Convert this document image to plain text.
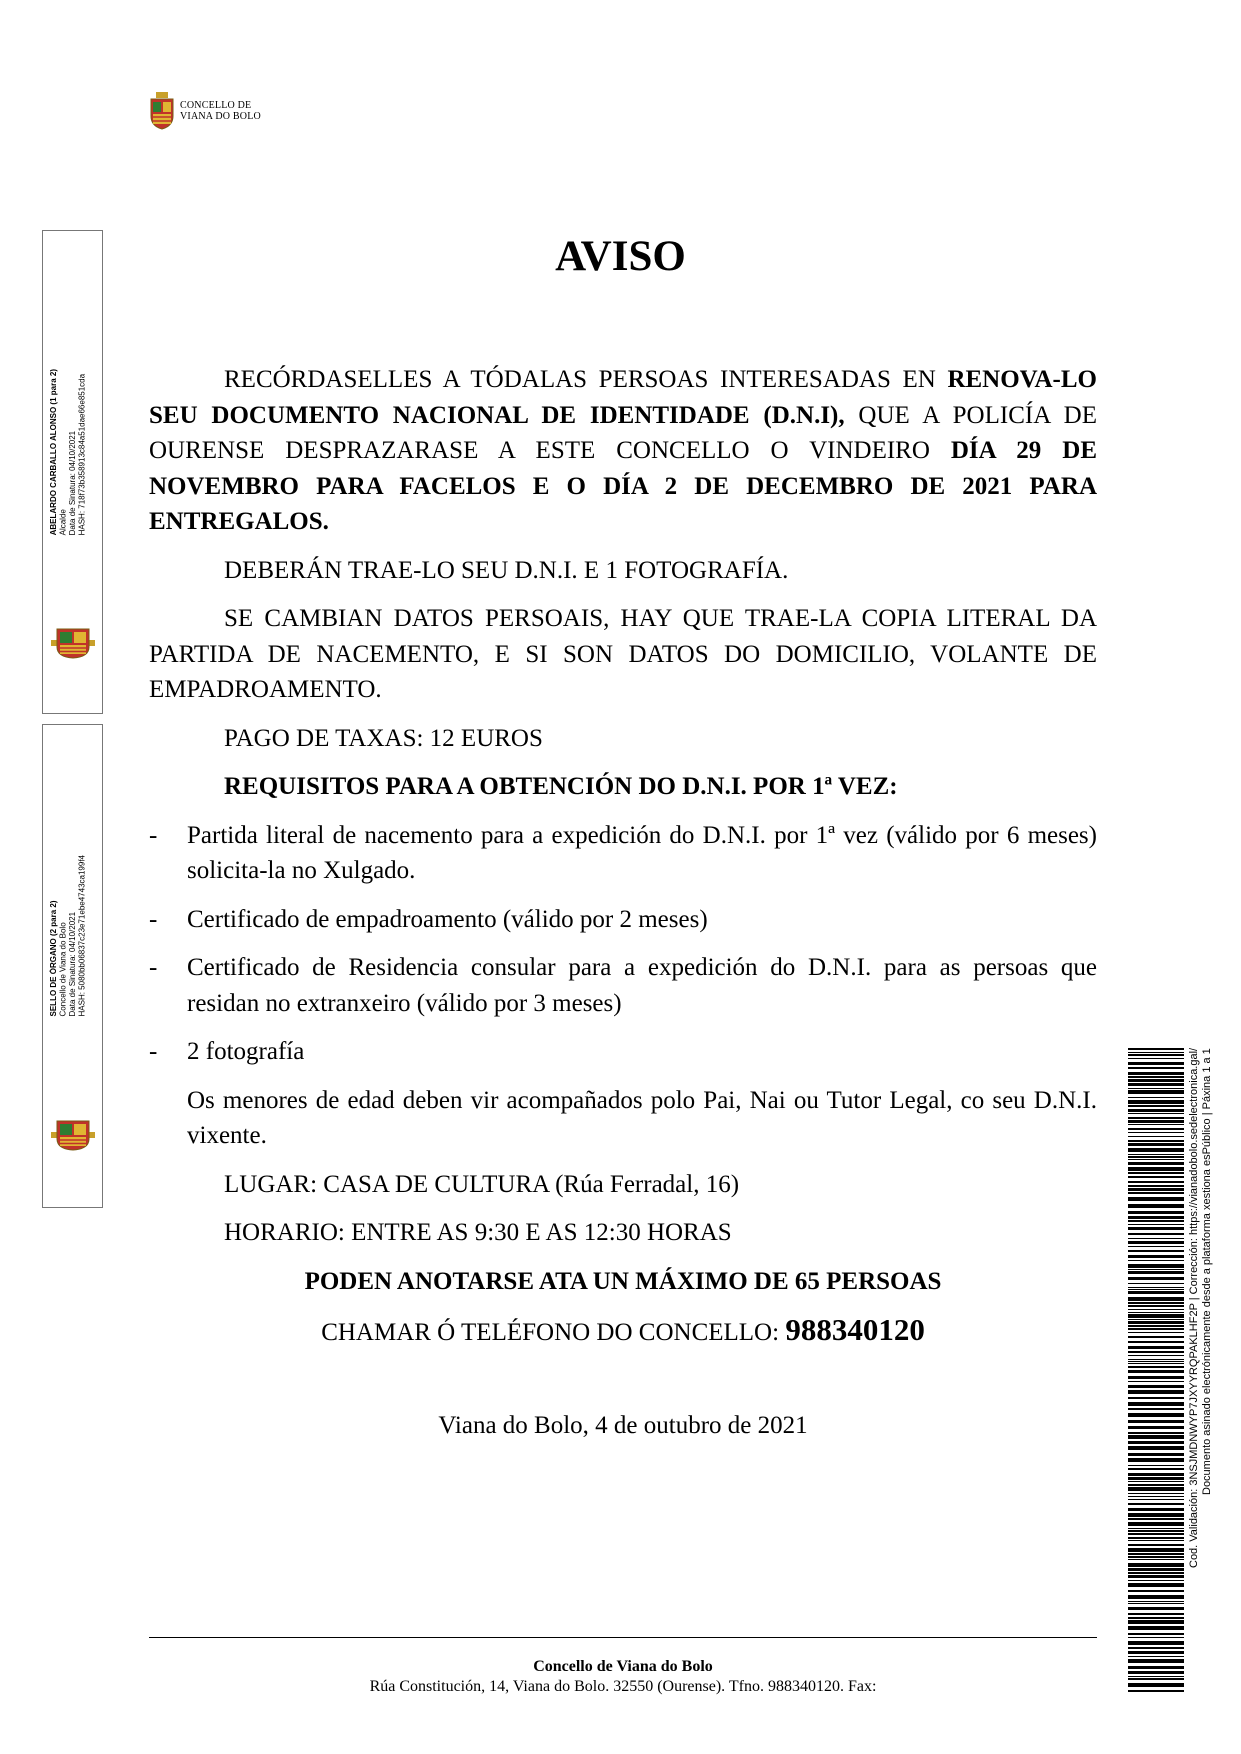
CONCELLO DE
VIANA DO BOLO
ABELARDO CARBALLO ALONSO (1 para 2) Alcalde Data de Sinatura: 04/10/2021 HASH: 718f73b358913c84a51dae66e851cda
SELLO DE ÓRGANO (2 para 2) Concello de Viana do Bolo Data de Sinatura: 04/10/2021 HASH: 5080bb06837c23e71ebe4743ca199f4
AVISO

RECÓRDASELLES A TÓDALAS PERSOAS INTERESADAS EN RENOVA-LO SEU DOCUMENTO NACIONAL DE IDENTIDADE (D.N.I), QUE A POLICÍA DE OURENSE DESPRAZARASE A ESTE CONCELLO O VINDEIRO DÍA 29 DE NOVEMBRO PARA FACELOS E O DÍA 2 DE DECEMBRO DE 2021 PARA ENTREGALOS.

DEBERÁN TRAE-LO SEU D.N.I. E 1 FOTOGRAFÍA.

SE CAMBIAN DATOS PERSOAIS, HAY QUE TRAE-LA COPIA LITERAL DA PARTIDA DE NACEMENTO, E SI SON DATOS DO DOMICILIO, VOLANTE DE EMPADROAMENTO.

PAGO DE TAXAS: 12 EUROS

REQUISITOS PARA A OBTENCIÓN DO D.N.I. POR 1ª VEZ:

-	Partida literal de nacemento para a expedición do D.N.I. por 1ª vez (válido por 6 meses) solicita-la no Xulgado.
-	Certificado de empadroamento (válido por 2 meses)
-	Certificado de Residencia consular para a expedición do D.N.I. para as persoas que residan no extranxeiro (válido por 3 meses)
-	2 fotografía

Os menores de edad deben vir acompañados polo Pai, Nai ou Tutor Legal, co seu D.N.I. vixente.

LUGAR: CASA DE CULTURA (Rúa Ferradal, 16)

HORARIO: ENTRE AS 9:30 E AS 12:30 HORAS

PODEN ANOTARSE ATA UN MÁXIMO DE 65 PERSOAS

CHAMAR Ó TELÉFONO DO CONCELLO: 988340120

Viana do Bolo, 4 de outubro de 2021

Concello de Viana do Bolo
Rúa Constitución, 14, Viana do Bolo. 32550 (Ourense). Tfno. 988340120. Fax:
Cod. Validación: 3NSJMDNWYP7JXYYRQPAKLHF2P | Corrección: https://vianadobolo.sedelectronica.gal/ Documento asinado electrónicamente desde a plataforma xestiona esPúblico | Páxina 1 a 1
